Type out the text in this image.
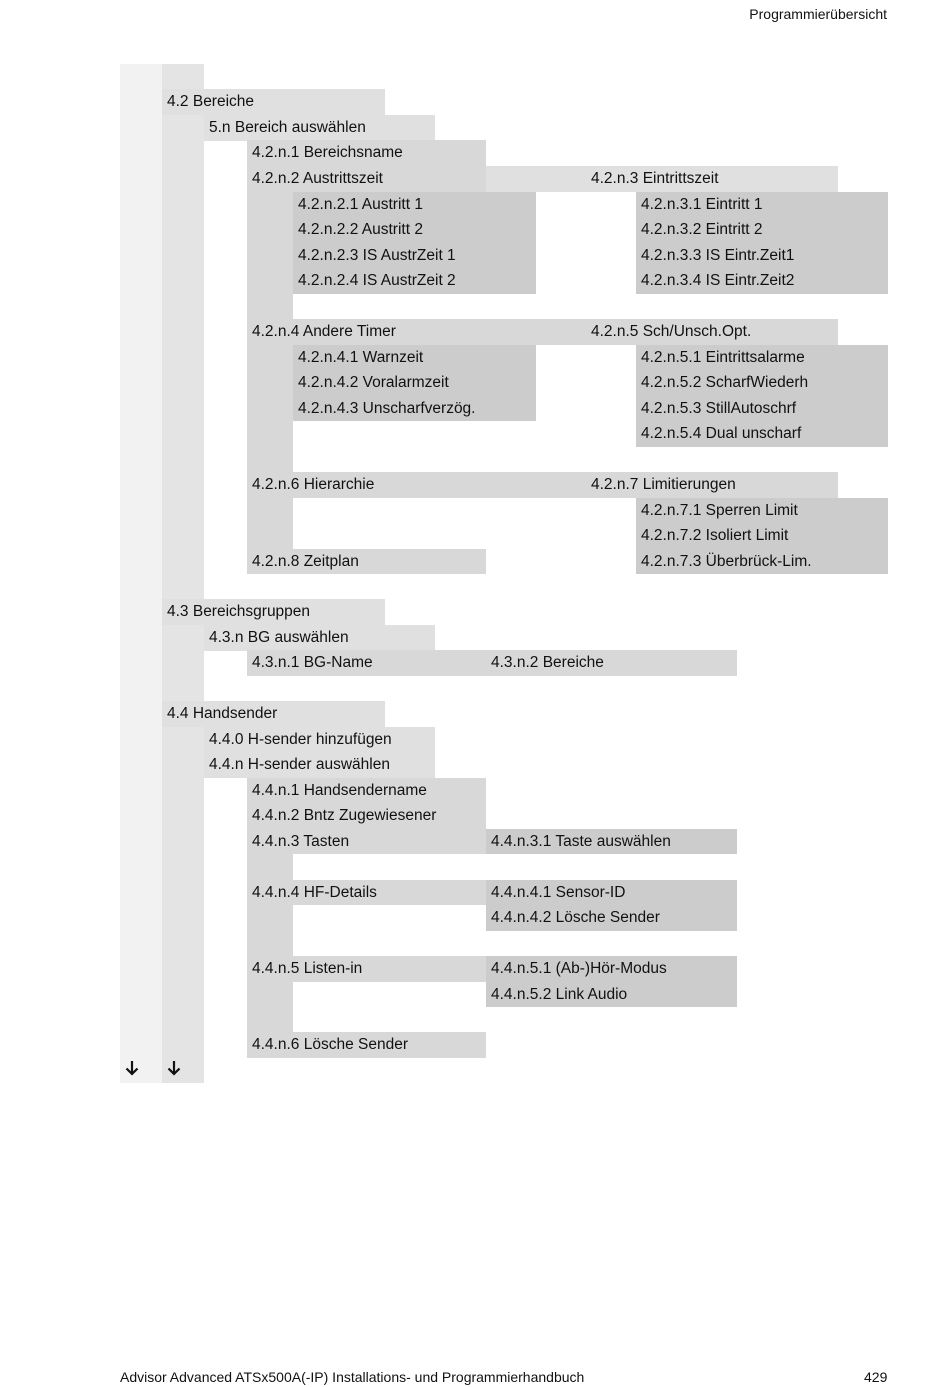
Programmierübersicht
Advisor Advanced ATSx500A(-IP) Installations- und Programmierhandbuch	429
4.2 Bereiche
5.n Bereich auswählen
4.2.n.1 Bereichsname
4.2.n.2 Austrittszeit	4.2.n.3 Eintrittszeit
4.2.n.2.1 Austritt 1
4.2.n.2.2 Austritt 2
4.2.n.2.3 IS AustrZeit 1
4.2.n.2.4 IS AustrZeit 2
4.2.n.3.1 Eintritt 1
4.2.n.3.2 Eintritt 2
4.2.n.3.3 IS Eintr.Zeit1
4.2.n.3.4 IS Eintr.Zeit2
4.2.n.4 Andere Timer	4.2.n.5 Sch/Unsch.Opt.
4.2.n.4.1 Warnzeit
4.2.n.4.2 Voralarmzeit
4.2.n.4.3 Unscharfverzög.
4.2.n.5.1 Eintrittsalarme
4.2.n.5.2 ScharfWiederh
4.2.n.5.3 StillAutoschrf
4.2.n.5.4 Dual unscharf
4.2.n.6 Hierarchie	4.2.n.7 Limitierungen
4.2.n.7.1 Sperren Limit
4.2.n.7.2 Isoliert Limit
4.2.n.7.3 Überbrück-Lim.
4.2.n.8 Zeitplan
4.3 Bereichsgruppen
4.3.n BG auswählen
4.3.n.1 BG-Name	4.3.n.2 Bereiche
4.4 Handsender
4.4.0 H-sender hinzufügen
4.4.n H-sender auswählen
4.4.n.1 Handsendername
4.4.n.2 Bntz Zugewiesener
4.4.n.3 Tasten	4.4.n.3.1 Taste auswählen
4.4.n.4 HF-Details	4.4.n.4.1 Sensor-ID
4.4.n.4.2 Lösche Sender
4.4.n.5 Listen-in	4.4.n.5.1 (Ab-)Hör-Modus
4.4.n.5.2 Link Audio
4.4.n.6 Lösche Sender
